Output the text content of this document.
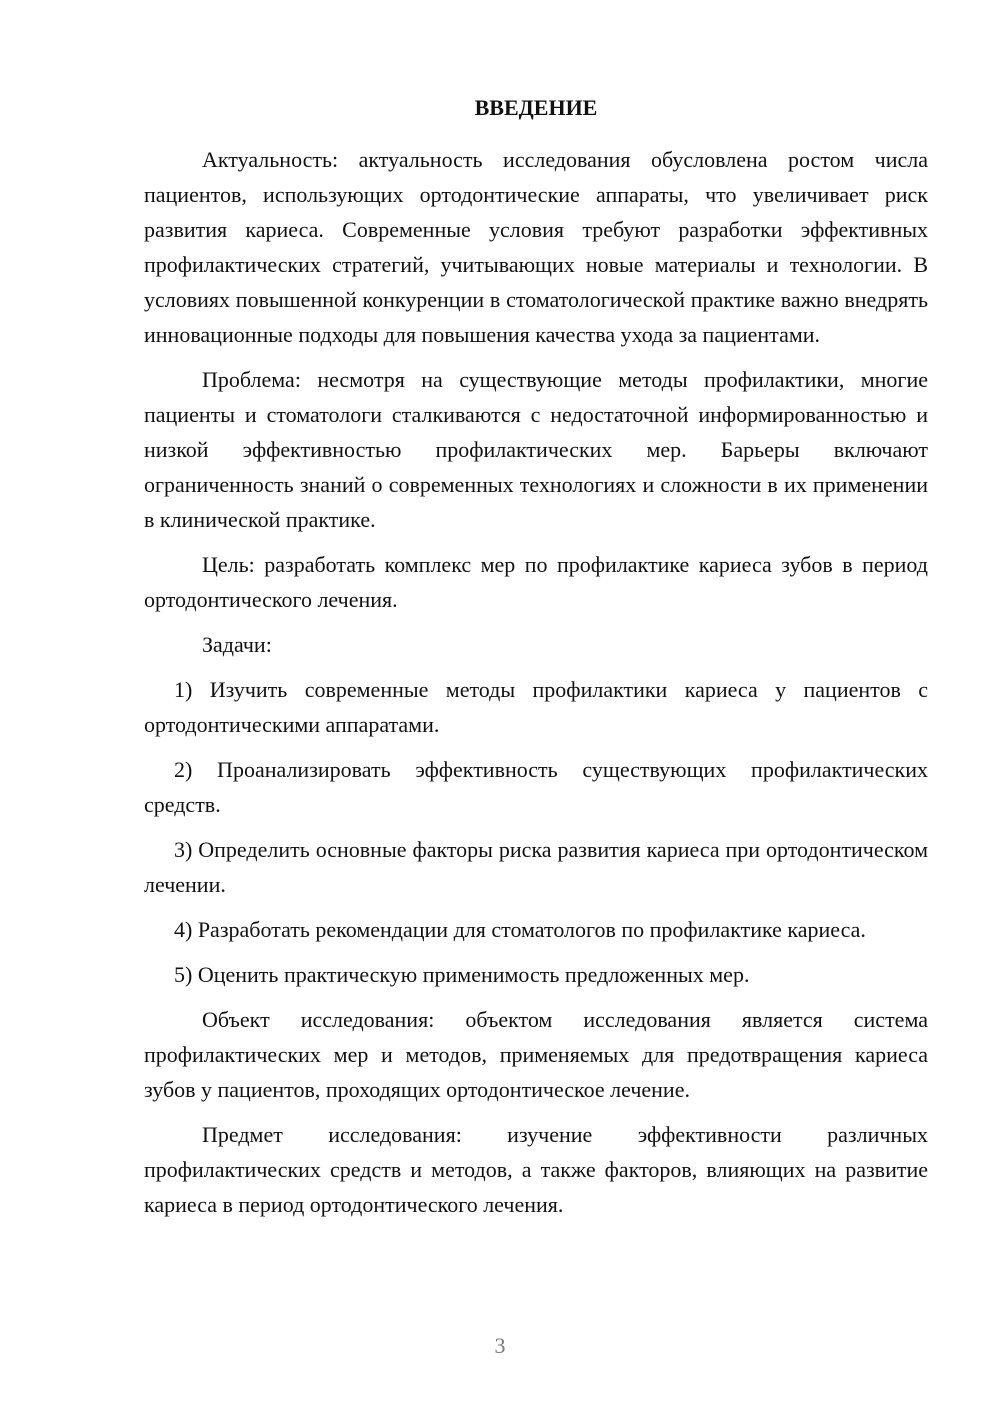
ВВЕДЕНИЕ

Актуальность: актуальность исследования обусловлена ростом числа пациентов, использующих ортодонтические аппараты, что увеличивает риск развития кариеса. Современные условия требуют разработки эффективных профилактических стратегий, учитывающих новые материалы и технологии. В условиях повышенной конкуренции в стоматологической практике важно внедрять инновационные подходы для повышения качества ухода за пациентами.

Проблема: несмотря на существующие методы профилактики, многие пациенты и стоматологи сталкиваются с недостаточной информированностью и низкой эффективностью профилактических мер. Барьеры включают ограниченность знаний о современных технологиях и сложности в их применении в клинической практике.

Цель: разработать комплекс мер по профилактике кариеса зубов в период ортодонтического лечения.

Задачи:

1) Изучить современные методы профилактики кариеса у пациентов с ортодонтическими аппаратами.

2) Проанализировать эффективность существующих профилактических средств.

3) Определить основные факторы риска развития кариеса при ортодонтическом лечении.

4) Разработать рекомендации для стоматологов по профилактике кариеса.

5) Оценить практическую применимость предложенных мер.

Объект исследования: объектом исследования является система профилактических мер и методов, применяемых для предотвращения кариеса зубов у пациентов, проходящих ортодонтическое лечение.

Предмет исследования: изучение эффективности различных профилактических средств и методов, а также факторов, влияющих на развитие кариеса в период ортодонтического лечения.

3
